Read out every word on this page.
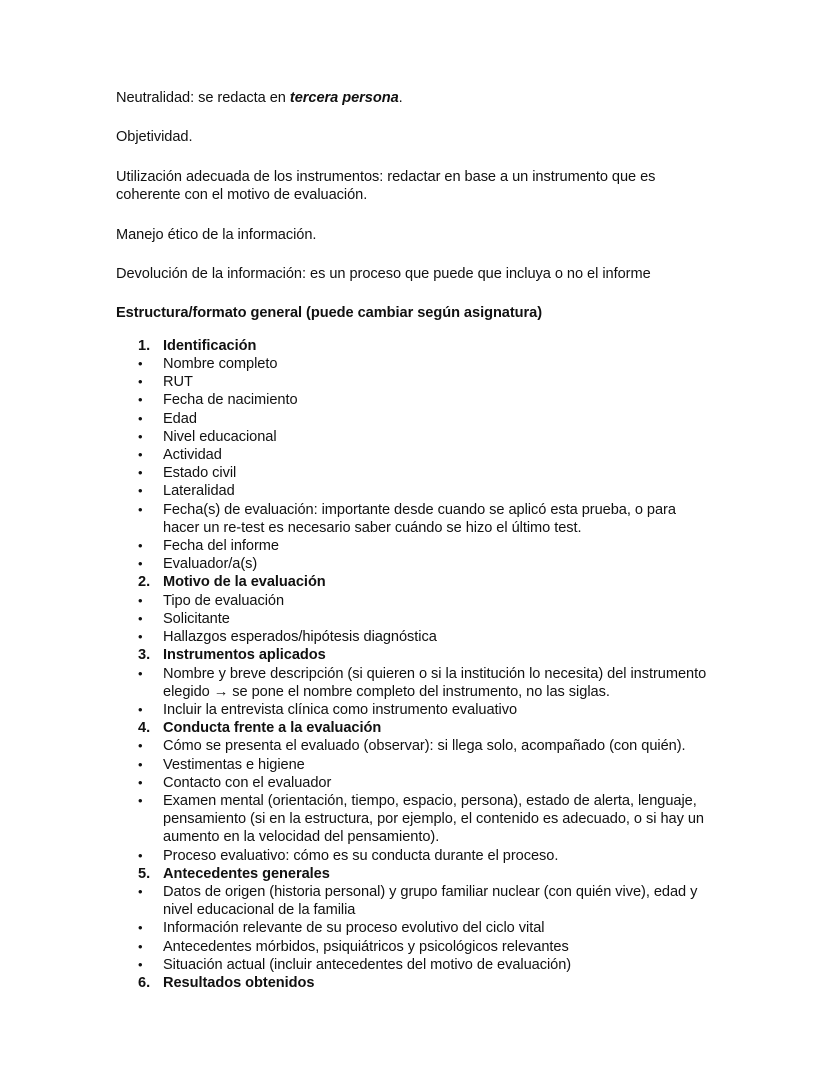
Neutralidad: se redacta en tercera persona.

Objetividad.

Utilización adecuada de los instrumentos: redactar en base a un instrumento que es coherente con el motivo de evaluación.

Manejo ético de la información.

Devolución de la información: es un proceso que puede que incluya o no el informe

Estructura/formato general (puede cambiar según asignatura)

1. Identificación
•	Nombre completo
•	RUT
•	Fecha de nacimiento
•	Edad
•	Nivel educacional
•	Actividad
•	Estado civil
•	Lateralidad
•	Fecha(s) de evaluación: importante desde cuando se aplicó esta prueba, o para hacer un re-test es necesario saber cuándo se hizo el último test.
•	Fecha del informe
•	Evaluador/a(s)
2. Motivo de la evaluación
•	Tipo de evaluación
•	Solicitante
•	Hallazgos esperados/hipótesis diagnóstica
3. Instrumentos aplicados
•	Nombre y breve descripción (si quieren o si la institución lo necesita) del instrumento elegido → se pone el nombre completo del instrumento, no las siglas.
•	Incluir la entrevista clínica como instrumento evaluativo
4. Conducta frente a la evaluación
•	Cómo se presenta el evaluado (observar): si llega solo, acompañado (con quién).
•	Vestimentas e higiene
•	Contacto con el evaluador
•	Examen mental (orientación, tiempo, espacio, persona), estado de alerta, lenguaje, pensamiento (si en la estructura, por ejemplo, el contenido es adecuado, o si hay un aumento en la velocidad del pensamiento).
•	Proceso evaluativo: cómo es su conducta durante el proceso.
5. Antecedentes generales
•	Datos de origen (historia personal) y grupo familiar nuclear (con quién vive), edad y nivel educacional de la familia
•	Información relevante de su proceso evolutivo del ciclo vital
•	Antecedentes mórbidos, psiquiátricos y psicológicos relevantes
•	Situación actual (incluir antecedentes del motivo de evaluación)
6. Resultados obtenidos
